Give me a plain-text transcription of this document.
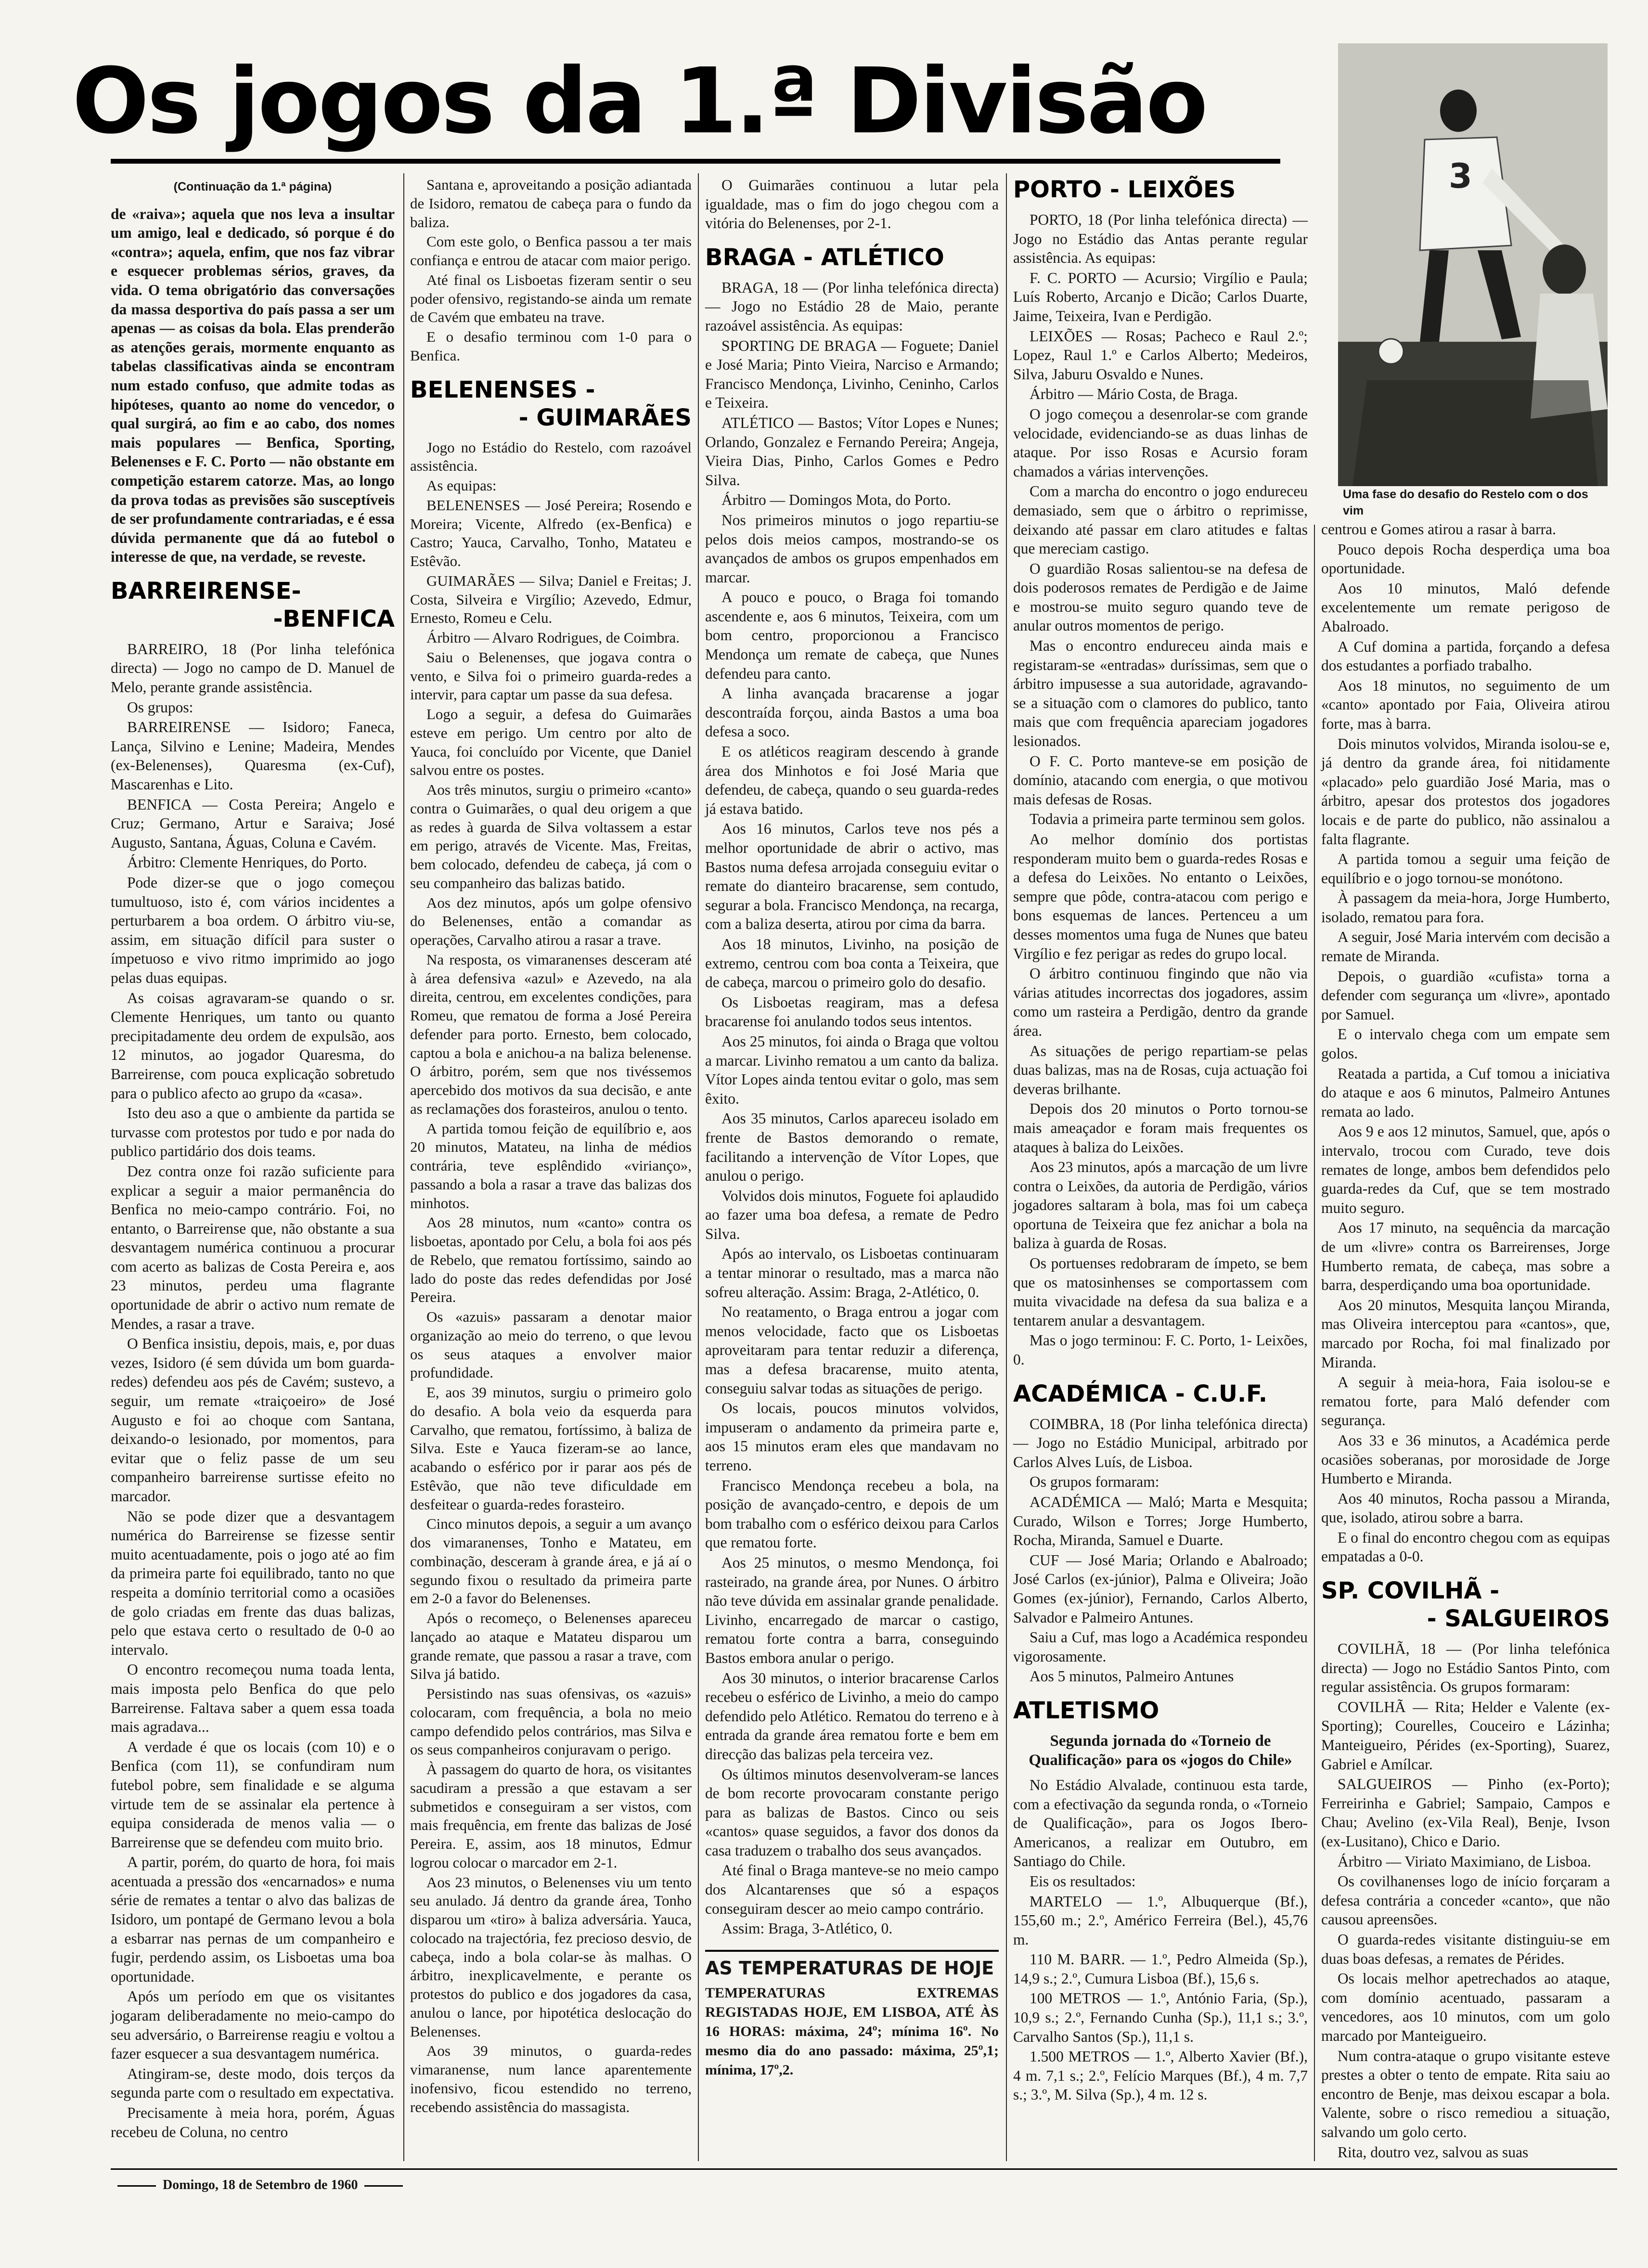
Os jogos da 1.ª Divisão
3
Uma fase do desafio do Restelo com o dos vim
(Continuação da 1.ª página)

de «raiva»; aquela que nos leva a insultar um amigo, leal e dedicado, só porque é do «contra»; aquela, enfim, que nos faz vibrar e esquecer problemas sérios, graves, da vida. O tema obrigatório das conversações da massa desportiva do país passa a ser um apenas — as coisas da bola. Elas prenderão as atenções gerais, mormente enquanto as tabelas classificativas ainda se encontram num estado confuso, que admite todas as hipóteses, quanto ao nome do vencedor, o qual surgirá, ao fim e ao cabo, dos nomes mais populares — Benfica, Sporting, Belenenses e F. C. Porto — não obstante em competição estarem catorze. Mas, ao longo da prova todas as previsões são susceptíveis de ser profundamente contrariadas, e é essa dúvida permanente que dá ao futebol o interesse de que, na verdade, se reveste.

BARREIRENSE-
-BENFICA

BARREIRO, 18 (Por linha telefónica directa) — Jogo no campo de D. Manuel de Melo, perante grande assistência.

Os grupos:

BARREIRENSE — Isidoro; Faneca, Lança, Silvino e Lenine; Madeira, Mendes (ex-Belenenses), Quaresma (ex-Cuf), Mascarenhas e Lito.

BENFICA — Costa Pereira; Angelo e Cruz; Germano, Artur e Saraiva; José Augusto, Santana, Águas, Coluna e Cavém.

Árbitro: Clemente Henriques, do Porto.

Pode dizer-se que o jogo começou tumultuoso, isto é, com vários incidentes a perturbarem a boa ordem. O árbitro viu-se, assim, em situação difícil para suster o ímpetuoso e vivo ritmo imprimido ao jogo pelas duas equipas.

As coisas agravaram-se quando o sr. Clemente Henriques, um tanto ou quanto precipitadamente deu ordem de expulsão, aos 12 minutos, ao jogador Quaresma, do Barreirense, com pouca explicação sobretudo para o publico afecto ao grupo da «casa».

Isto deu aso a que o ambiente da partida se turvasse com protestos por tudo e por nada do publico partidário dos dois teams.

Dez contra onze foi razão suficiente para explicar a seguir a maior permanência do Benfica no meio-campo contrário. Foi, no entanto, o Barreirense que, não obstante a sua desvantagem numérica continuou a procurar com acerto as balizas de Costa Pereira e, aos 23 minutos, perdeu uma flagrante oportunidade de abrir o activo num remate de Mendes, a rasar a trave.

O Benfica insistiu, depois, mais, e, por duas vezes, Isidoro (é sem dúvida um bom guarda-redes) defendeu aos pés de Cavém; sustevo, a seguir, um remate «traiçoeiro» de José Augusto e foi ao choque com Santana, deixando-o lesionado, por momentos, para evitar que o feliz passe de um seu companheiro barreirense surtisse efeito no marcador.

Não se pode dizer que a desvantagem numérica do Barreirense se fizesse sentir muito acentuadamente, pois o jogo até ao fim da primeira parte foi equilibrado, tanto no que respeita a domínio territorial como a ocasiões de golo criadas em frente das duas balizas, pelo que estava certo o resultado de 0-0 ao intervalo.

O encontro recomeçou numa toada lenta, mais imposta pelo Benfica do que pelo Barreirense. Faltava saber a quem essa toada mais agradava...

A verdade é que os locais (com 10) e o Benfica (com 11), se confundiram num futebol pobre, sem finalidade e se alguma virtude tem de se assinalar ela pertence à equipa considerada de menos valia — o Barreirense que se defendeu com muito brio.

A partir, porém, do quarto de hora, foi mais acentuada a pressão dos «encarnados» e numa série de remates a tentar o alvo das balizas de Isidoro, um pontapé de Germano levou a bola a esbarrar nas pernas de um companheiro e fugir, perdendo assim, os Lisboetas uma boa oportunidade.

Após um período em que os visitantes jogaram deliberadamente no meio-campo do seu adversário, o Barreirense reagiu e voltou a fazer esquecer a sua desvantagem numérica.

Atingiram-se, deste modo, dois terços da segunda parte com o resultado em expectativa.

Precisamente à meia hora, porém, Águas recebeu de Coluna, no centro

Santana e, aproveitando a posição adiantada de Isidoro, rematou de cabeça para o fundo da baliza.

Com este golo, o Benfica passou a ter mais confiança e entrou de atacar com maior perigo.

Até final os Lisboetas fizeram sentir o seu poder ofensivo, registando-se ainda um remate de Cavém que embateu na trave.

E o desafio terminou com 1-0 para o Benfica.

BELENENSES -
- GUIMARÃES

Jogo no Estádio do Restelo, com razoável assistência.

As equipas:

BELENENSES — José Pereira; Rosendo e Moreira; Vicente, Alfredo (ex-Benfica) e Castro; Yauca, Carvalho, Tonho, Matateu e Estêvão.

GUIMARÃES — Silva; Daniel e Freitas; J. Costa, Silveira e Virgílio; Azevedo, Edmur, Ernesto, Romeu e Celu.

Árbitro — Alvaro Rodrigues, de Coimbra.

Saiu o Belenenses, que jogava contra o vento, e Silva foi o primeiro guarda-redes a intervir, para captar um passe da sua defesa.

Logo a seguir, a defesa do Guimarães esteve em perigo. Um centro por alto de Yauca, foi concluído por Vicente, que Daniel salvou entre os postes.

Aos três minutos, surgiu o primeiro «canto» contra o Guimarães, o qual deu origem a que as redes à guarda de Silva voltassem a estar em perigo, através de Vicente. Mas, Freitas, bem colocado, defendeu de cabeça, já com o seu companheiro das balizas batido.

Aos dez minutos, após um golpe ofensivo do Belenenses, então a comandar as operações, Carvalho atirou a rasar a trave.

Na resposta, os vimaranenses desceram até à área defensiva «azul» e Azevedo, na ala direita, centrou, em excelentes condições, para Romeu, que rematou de forma a José Pereira defender para porto. Ernesto, bem colocado, captou a bola e anichou-a na baliza belenense. O árbitro, porém, sem que nos tivéssemos apercebido dos motivos da sua decisão, e ante as reclamações dos forasteiros, anulou o tento.

A partida tomou feição de equilíbrio e, aos 20 minutos, Matateu, na linha de médios contrária, teve esplêndido «virianço», passando a bola a rasar a trave das balizas dos minhotos.

Aos 28 minutos, num «canto» contra os lisboetas, apontado por Celu, a bola foi aos pés de Rebelo, que rematou fortíssimo, saindo ao lado do poste das redes defendidas por José Pereira.

Os «azuis» passaram a denotar maior organização ao meio do terreno, o que levou os seus ataques a envolver maior profundidade.

E, aos 39 minutos, surgiu o primeiro golo do desafio. A bola veio da esquerda para Carvalho, que rematou, fortíssimo, à baliza de Silva. Este e Yauca fizeram-se ao lance, acabando o esférico por ir parar aos pés de Estêvão, que não teve dificuldade em desfeitear o guarda-redes forasteiro.

Cinco minutos depois, a seguir a um avanço dos vimaranenses, Tonho e Matateu, em combinação, desceram à grande área, e já aí o segundo fixou o resultado da primeira parte em 2-0 a favor do Belenenses.

Após o recomeço, o Belenenses apareceu lançado ao ataque e Matateu disparou um grande remate, que passou a rasar a trave, com Silva já batido.

Persistindo nas suas ofensivas, os «azuis» colocaram, com frequência, a bola no meio campo defendido pelos contrários, mas Silva e os seus companheiros conjuravam o perigo.

À passagem do quarto de hora, os visitantes sacudiram a pressão a que estavam a ser submetidos e conseguiram a ser vistos, com mais frequência, em frente das balizas de José Pereira. E, assim, aos 18 minutos, Edmur logrou colocar o marcador em 2-1.

Aos 23 minutos, o Belenenses viu um tento seu anulado. Já dentro da grande área, Tonho disparou um «tiro» à baliza adversária. Yauca, colocado na trajectória, fez precioso desvio, de cabeça, indo a bola colar-se às malhas. O árbitro, inexplicavelmente, e perante os protestos do publico e dos jogadores da casa, anulou o lance, por hipotética deslocação do Belenenses.

Aos 39 minutos, o guarda-redes vimaranense, num lance aparentemente inofensivo, ficou estendido no terreno, recebendo assistência do massagista.

O Guimarães continuou a lutar pela igualdade, mas o fim do jogo chegou com a vitória do Belenenses, por 2-1.

BRAGA - ATLÉTICO

BRAGA, 18 — (Por linha telefónica directa) — Jogo no Estádio 28 de Maio, perante razoável assistência. As equipas:

SPORTING DE BRAGA — Foguete; Daniel e José Maria; Pinto Vieira, Narciso e Armando; Francisco Mendonça, Livinho, Ceninho, Carlos e Teixeira.

ATLÉTICO — Bastos; Vítor Lopes e Nunes; Orlando, Gonzalez e Fernando Pereira; Angeja, Vieira Dias, Pinho, Carlos Gomes e Pedro Silva.

Árbitro — Domingos Mota, do Porto.

Nos primeiros minutos o jogo repartiu-se pelos dois meios campos, mostrando-se os avançados de ambos os grupos empenhados em marcar.

A pouco e pouco, o Braga foi tomando ascendente e, aos 6 minutos, Teixeira, com um bom centro, proporcionou a Francisco Mendonça um remate de cabeça, que Nunes defendeu para canto.

A linha avançada bracarense a jogar descontraída forçou, ainda Bastos a uma boa defesa a soco.

E os atléticos reagiram descendo à grande área dos Minhotos e foi José Maria que defendeu, de cabeça, quando o seu guarda-redes já estava batido.

Aos 16 minutos, Carlos teve nos pés a melhor oportunidade de abrir o activo, mas Bastos numa defesa arrojada conseguiu evitar o remate do dianteiro bracarense, sem contudo, segurar a bola. Francisco Mendonça, na recarga, com a baliza deserta, atirou por cima da barra.

Aos 18 minutos, Livinho, na posição de extremo, centrou com boa conta a Teixeira, que de cabeça, marcou o primeiro golo do desafio.

Os Lisboetas reagiram, mas a defesa bracarense foi anulando todos seus intentos.

Aos 25 minutos, foi ainda o Braga que voltou a marcar. Livinho rematou a um canto da baliza. Vítor Lopes ainda tentou evitar o golo, mas sem êxito.

Aos 35 minutos, Carlos apareceu isolado em frente de Bastos demorando o remate, facilitando a intervenção de Vítor Lopes, que anulou o perigo.

Volvidos dois minutos, Foguete foi aplaudido ao fazer uma boa defesa, a remate de Pedro Silva.

Após ao intervalo, os Lisboetas continuaram a tentar minorar o resultado, mas a marca não sofreu alteração. Assim: Braga, 2-Atlético, 0.

No reatamento, o Braga entrou a jogar com menos velocidade, facto que os Lisboetas aproveitaram para tentar reduzir a diferença, mas a defesa bracarense, muito atenta, conseguiu salvar todas as situações de perigo.

Os locais, poucos minutos volvidos, impuseram o andamento da primeira parte e, aos 15 minutos eram eles que mandavam no terreno.

Francisco Mendonça recebeu a bola, na posição de avançado-centro, e depois de um bom trabalho com o esférico deixou para Carlos que rematou forte.

Aos 25 minutos, o mesmo Mendonça, foi rasteirado, na grande área, por Nunes. O árbitro não teve dúvida em assinalar grande penalidade. Livinho, encarregado de marcar o castigo, rematou forte contra a barra, conseguindo Bastos embora anular o perigo.

Aos 30 minutos, o interior bracarense Carlos recebeu o esférico de Livinho, a meio do campo defendido pelo Atlético. Rematou do terreno e à entrada da grande área rematou forte e bem em direcção das balizas pela terceira vez.

Os últimos minutos desenvolveram-se lances de bom recorte provocaram constante perigo para as balizas de Bastos. Cinco ou seis «cantos» quase seguidos, a favor dos donos da casa traduzem o trabalho dos seus avançados.

Até final o Braga manteve-se no meio campo dos Alcantarenses que só a espaços conseguiram descer ao meio campo contrário.

Assim: Braga, 3-Atlético, 0.

AS TEMPERATURAS DE HOJE
TEMPERATURAS EXTREMAS REGISTADAS HOJE, EM LISBOA, ATÉ ÀS 16 HORAS: máxima, 24º; mínima 16º. No mesmo dia do ano passado: máxima, 25º,1; mínima, 17º,2.
PORTO - LEIXÕES

PORTO, 18 (Por linha telefónica directa) — Jogo no Estádio das Antas perante regular assistência. As equipas:

F. C. PORTO — Acursio; Virgílio e Paula; Luís Roberto, Arcanjo e Dicão; Carlos Duarte, Jaime, Teixeira, Ivan e Perdigão.

LEIXÕES — Rosas; Pacheco e Raul 2.º; Lopez, Raul 1.º e Carlos Alberto; Medeiros, Silva, Jaburu Osvaldo e Nunes.

Árbitro — Mário Costa, de Braga.

O jogo começou a desenrolar-se com grande velocidade, evidenciando-se as duas linhas de ataque. Por isso Rosas e Acursio foram chamados a várias intervenções.

Com a marcha do encontro o jogo endureceu demasiado, sem que o árbitro o reprimisse, deixando até passar em claro atitudes e faltas que mereciam castigo.

O guardião Rosas salientou-se na defesa de dois poderosos remates de Perdigão e de Jaime e mostrou-se muito seguro quando teve de anular outros momentos de perigo.

Mas o encontro endureceu ainda mais e registaram-se «entradas» duríssimas, sem que o árbitro impusesse a sua autoridade, agravando-se a situação com o clamores do publico, tanto mais que com frequência apareciam jogadores lesionados.

O F. C. Porto manteve-se em posição de domínio, atacando com energia, o que motivou mais defesas de Rosas.

Todavia a primeira parte terminou sem golos.

Ao melhor domínio dos portistas responderam muito bem o guarda-redes Rosas e a defesa do Leixões. No entanto o Leixões, sempre que pôde, contra-atacou com perigo e bons esquemas de lances. Pertenceu a um desses momentos uma fuga de Nunes que bateu Virgílio e fez perigar as redes do grupo local.

O árbitro continuou fingindo que não via várias atitudes incorrectas dos jogadores, assim como um rasteira a Perdigão, dentro da grande área.

As situações de perigo repartiam-se pelas duas balizas, mas na de Rosas, cuja actuação foi deveras brilhante.

Depois dos 20 minutos o Porto tornou-se mais ameaçador e foram mais frequentes os ataques à baliza do Leixões.

Aos 23 minutos, após a marcação de um livre contra o Leixões, da autoria de Perdigão, vários jogadores saltaram à bola, mas foi um cabeça oportuna de Teixeira que fez anichar a bola na baliza à guarda de Rosas.

Os portuenses redobraram de ímpeto, se bem que os matosinhenses se comportassem com muita vivacidade na defesa da sua baliza e a tentarem anular a desvantagem.

Mas o jogo terminou: F. C. Porto, 1- Leixões, 0.

ACADÉMICA - C.U.F.

COIMBRA, 18 (Por linha telefónica directa) — Jogo no Estádio Municipal, arbitrado por Carlos Alves Luís, de Lisboa.

Os grupos formaram:

ACADÉMICA — Maló; Marta e Mesquita; Curado, Wilson e Torres; Jorge Humberto, Rocha, Miranda, Samuel e Duarte.

CUF — José Maria; Orlando e Abalroado; José Carlos (ex-júnior), Palma e Oliveira; João Gomes (ex-júnior), Fernando, Carlos Alberto, Salvador e Palmeiro Antunes.

Saiu a Cuf, mas logo a Académica respondeu vigorosamente.

Aos 5 minutos, Palmeiro Antunes

ATLETISMO
Segunda jornada do «Torneio de Qualificação» para os «jogos do Chile»

No Estádio Alvalade, continuou esta tarde, com a efectivação da segunda ronda, o «Torneio de Qualificação», para os Jogos Ibero-Americanos, a realizar em Outubro, em Santiago do Chile.

Eis os resultados:

MARTELO — 1.º, Albuquerque (Bf.), 155,60 m.; 2.º, Américo Ferreira (Bel.), 45,76 m.

110 M. BARR. — 1.º, Pedro Almeida (Sp.), 14,9 s.; 2.º, Cumura Lisboa (Bf.), 15,6 s.

100 METROS — 1.º, António Faria, (Sp.), 10,9 s.; 2.º, Fernando Cunha (Sp.), 11,1 s.; 3.º, Carvalho Santos (Sp.), 11,1 s.

1.500 METROS — 1.º, Alberto Xavier (Bf.), 4 m. 7,1 s.; 2.º, Felício Marques (Bf.), 4 m. 7,7 s.; 3.º, M. Silva (Sp.), 4 m. 12 s.

centrou e Gomes atirou a rasar à barra.

Pouco depois Rocha desperdiça uma boa oportunidade.

Aos 10 minutos, Maló defende excelentemente um remate perigoso de Abalroado.

A Cuf domina a partida, forçando a defesa dos estudantes a porfiado trabalho.

Aos 18 minutos, no seguimento de um «canto» apontado por Faia, Oliveira atirou forte, mas à barra.

Dois minutos volvidos, Miranda isolou-se e, já dentro da grande área, foi nitidamente «placado» pelo guardião José Maria, mas o árbitro, apesar dos protestos dos jogadores locais e de parte do publico, não assinalou a falta flagrante.

A partida tomou a seguir uma feição de equilíbrio e o jogo tornou-se monótono.

À passagem da meia-hora, Jorge Humberto, isolado, rematou para fora.

A seguir, José Maria intervém com decisão a remate de Miranda.

Depois, o guardião «cufista» torna a defender com segurança um «livre», apontado por Samuel.

E o intervalo chega com um empate sem golos.

Reatada a partida, a Cuf tomou a iniciativa do ataque e aos 6 minutos, Palmeiro Antunes remata ao lado.

Aos 9 e aos 12 minutos, Samuel, que, após o intervalo, trocou com Curado, teve dois remates de longe, ambos bem defendidos pelo guarda-redes da Cuf, que se tem mostrado muito seguro.

Aos 17 minuto, na sequência da marcação de um «livre» contra os Barreirenses, Jorge Humberto remata, de cabeça, mas sobre a barra, desperdiçando uma boa oportunidade.

Aos 20 minutos, Mesquita lançou Miranda, mas Oliveira interceptou para «cantos», que, marcado por Rocha, foi mal finalizado por Miranda.

A seguir à meia-hora, Faia isolou-se e rematou forte, para Maló defender com segurança.

Aos 33 e 36 minutos, a Académica perde ocasiões soberanas, por morosidade de Jorge Humberto e Miranda.

Aos 40 minutos, Rocha passou a Miranda, que, isolado, atirou sobre a barra.

E o final do encontro chegou com as equipas empatadas a 0-0.

SP. COVILHÃ -
- SALGUEIROS

COVILHÃ, 18 — (Por linha telefónica directa) — Jogo no Estádio Santos Pinto, com regular assistência. Os grupos formaram:

COVILHÃ — Rita; Helder e Valente (ex-Sporting); Courelles, Couceiro e Lázinha; Manteigueiro, Pérides (ex-Sporting), Suarez, Gabriel e Amílcar.

SALGUEIROS — Pinho (ex-Porto); Ferreirinha e Gabriel; Sampaio, Campos e Chau; Avelino (ex-Vila Real), Benje, Ivson (ex-Lusitano), Chico e Dario.

Árbitro — Viriato Maximiano, de Lisboa.

Os covilhanenses logo de início forçaram a defesa contrária a conceder «canto», que não causou apreensões.

O guarda-redes visitante distinguiu-se em duas boas defesas, a remates de Pérides.

Os locais melhor apetrechados ao ataque, com domínio acentuado, passaram a vencedores, aos 10 minutos, com um golo marcado por Manteigueiro.

Num contra-ataque o grupo visitante esteve prestes a obter o tento de empate. Rita saiu ao encontro de Benje, mas deixou escapar a bola. Valente, sobre o risco remediou a situação, salvando um golo certo.

Rita, doutro vez, salvou as suas

Domingo, 18 de Setembro de 1960
